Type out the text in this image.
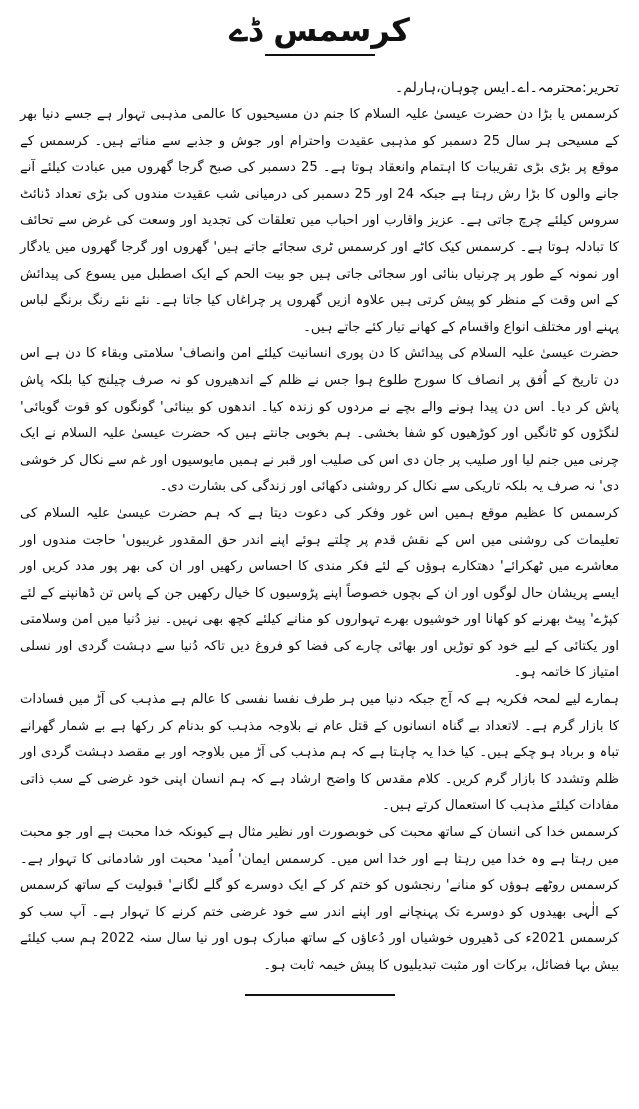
کرسمس ڈے

تحریر:محترمہ۔اے۔ایس چوہان،ہارلم۔

کرسمس یا بڑا دن حضرت عیسیٰ علیہ السلام کا جنم دن مسیحیوں کا عالمی مذہبی تہوار ہے جسے دنیا بھر کے مسیحی ہر سال 25 دسمبر کو مذہبی عقیدت واحترام اور جوش و جذبے سے مناتے ہیں۔ کرسمس کے موقع پر بڑی بڑی تقریبات کا اہتمام وانعقاد ہوتا ہے۔ 25 دسمبر کی صبح گرجا گھروں میں عبادت کیلئے آنے جانے والوں کا بڑا رش رہتا ہے جبکہ 24 اور 25 دسمبر کی درمیانی شب عقیدت مندوں کی بڑی تعداد ڈنائٹ سروس کیلئے چرچ جاتی ہے۔ عزیز واقارب اور احباب میں تعلقات کی تجدید اور وسعت کی غرض سے تحائف کا تبادلہ ہوتا ہے۔ کرسمس کیک کاٹے اور کرسمس ٹری سجائے جاتے ہیں' گھروں اور گرجا گھروں میں یادگار اور نمونہ کے طور پر چرنیاں بنائی اور سجائی جاتی ہیں جو بیت الحم کے ایک اصطبل میں یسوع کی پیدائش کے اس وقت کے منظر کو پیش کرتی ہیں علاوہ ازیں گھروں پر چراغاں کیا جاتا ہے۔ نئے نئے رنگ برنگے لباس پہنے اور مختلف انواع واقسام کے کھانے تیار کئے جاتے ہیں۔

حضرت عیسیٰ علیہ السلام کی پیدائش کا دن پوری انسانیت کیلئے امن وانصاف' سلامتی وبقاء کا دن ہے اس دن تاریخ کے اُفق پر انصاف کا سورج طلوع ہوا جس نے ظلم کے اندھیروں کو نہ صرف چیلنج کیا بلکہ پاش پاش کر دیا۔ اس دن پیدا ہونے والے بچے نے مردوں کو زندہ کیا۔ اندھوں کو بینائی' گونگوں کو قوت گویائی' لنگڑوں کو ٹانگیں اور کوڑھیوں کو شفا بخشی۔ ہم بخوبی جانتے ہیں کہ حضرت عیسیٰ علیہ السلام نے ایک چرنی میں جنم لیا اور صلیب پر جان دی اس کی صلیب اور قبر نے ہمیں مایوسیوں اور غم سے نکال کر خوشی دی' نہ صرف یہ بلکہ تاریکی سے نکال کر روشنی دکھائی اور زندگی کی بشارت دی۔

کرسمس کا عظیم موقع ہمیں اس غور وفکر کی دعوت دیتا ہے کہ ہم حضرت عیسیٰ علیہ السلام کی تعلیمات کی روشنی میں اس کے نقش قدم پر چلتے ہوئے اپنے اندر حق المقدور غریبوں' حاجت مندوں اور معاشرے میں ٹھکرائے' دھتکارے ہوؤں کے لئے فکر مندی کا احساس رکھیں اور ان کی بھر پور مدد کریں اور ایسے پریشان حال لوگوں اور ان کے بچوں خصوصاً اپنے پڑوسیوں کا خیال رکھیں جن کے پاس تن ڈھانپنے کے لئے کپڑے' پیٹ بھرنے کو کھانا اور خوشیوں بھرے تہواروں کو منانے کیلئے کچھ بھی نہیں۔ نیز دُنیا میں امن وسلامتی اور یکتائی کے لیے خود کو توڑیں اور بھائی چارے کی فضا کو فروغ دیں تاکہ دُنیا سے دہشت گردی اور نسلی امتیاز کا خاتمہ ہو۔

ہمارے لیے لمحہ فکریہ ہے کہ آج جبکہ دنیا میں ہر طرف نفسا نفسی کا عالم ہے مذہب کی آڑ میں فسادات کا بازار گرم ہے۔ لاتعداد بے گناہ انسانوں کے قتل عام نے بلاوجہ مذہب کو بدنام کر رکھا ہے بے شمار گھرانے تباہ و برباد ہو چکے ہیں۔ کیا خدا یہ چاہتا ہے کہ ہم مذہب کی آڑ میں بلاوجہ اور بے مقصد دہشت گردی اور ظلم وتشدد کا بازار گرم کریں۔ کلام مقدس کا واضح ارشاد ہے کہ ہم انسان اپنی خود غرضی کے سب ذاتی مفادات کیلئے مذہب کا استعمال کرتے ہیں۔

کرسمس خدا کی انسان کے ساتھ محبت کی خوبصورت اور نظیر مثال ہے کیونکہ خدا محبت ہے اور جو محبت میں رہتا ہے وہ خدا میں رہتا ہے اور خدا اس میں۔ کرسمس ایمان' اُمید' محبت اور شادمانی کا تہوار ہے۔ کرسمس روٹھے ہوؤں کو منانے' رنجشوں کو ختم کر کے ایک دوسرے کو گلے لگانے' قبولیت کے ساتھ کرسمس کے الٰہی بھیدوں کو دوسرے تک پہنچانے اور اپنے اندر سے خود غرضی ختم کرنے کا تہوار ہے۔ آپ سب کو کرسمس 2021ء کی ڈھیروں خوشیاں اور دُعاؤں کے ساتھ مبارک ہوں اور نیا سال سنہ 2022 ہم سب کیلئے بیش بہا فضائل، برکات اور مثبت تبدیلیوں کا پیش خیمہ ثابت ہو۔
